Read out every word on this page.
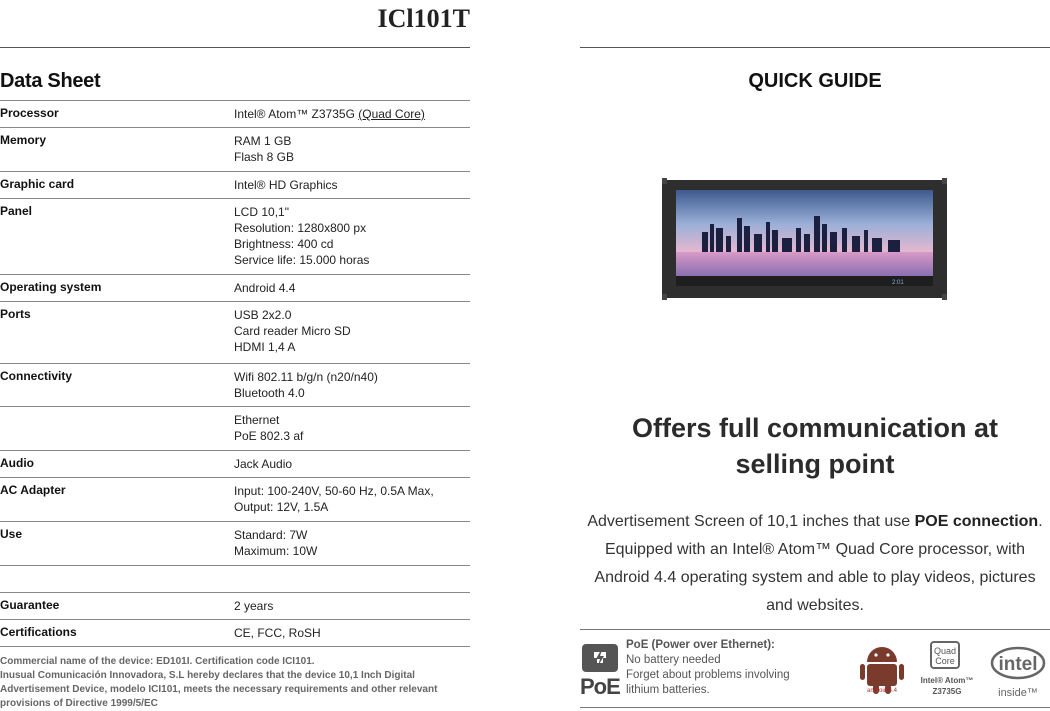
ICl101T
Data Sheet
Processor	Intel® Atom™ Z3735G (Quad Core)
Memory	RAM 1 GB
Flash 8 GB
Graphic card	Intel® HD Graphics
Panel	LCD 10,1"
Resolution: 1280x800 px
Brightness: 400 cd
Service life: 15.000 horas
Operating system	Android 4.4
Ports	USB 2x2.0
Card reader Micro SD
HDMI 1,4 A
Connectivity	Wifi 802.11 b/g/n (n20/n40)
Bluetooth 4.0
Ethernet
PoE 802.3 af
Audio	Jack Audio
AC Adapter	Input: 100-240V, 50-60 Hz, 0.5A Max,
Output: 12V, 1.5A
Use	Standard: 7W
Maximum: 10W
Guarantee	2 years
Certifications	CE, FCC, RoSH
Commercial name of the device: ED101I. Certification code ICI101.
Inusual Comunicación Innovadora, S.L hereby declares that the device 10,1 Inch Digital Advertisement Device, modelo ICI101, meets the necessary requirements and other relevant provisions of Directive 1999/5/EC
QUICK GUIDE
2:01
Offers full communication at
selling point
Advertisement Screen of 10,1 inches that use POE connection.
Equipped with an Intel® Atom™ Quad Core processor, with Android 4.4 operating system and able to play videos, pictures and websites.
PoE
PoE (Power over Ethernet):
No battery needed
Forget about problems involving
lithium batteries.	android 4.4
Quad Core
Intel® Atom™
Z3735G
intel
inside™
